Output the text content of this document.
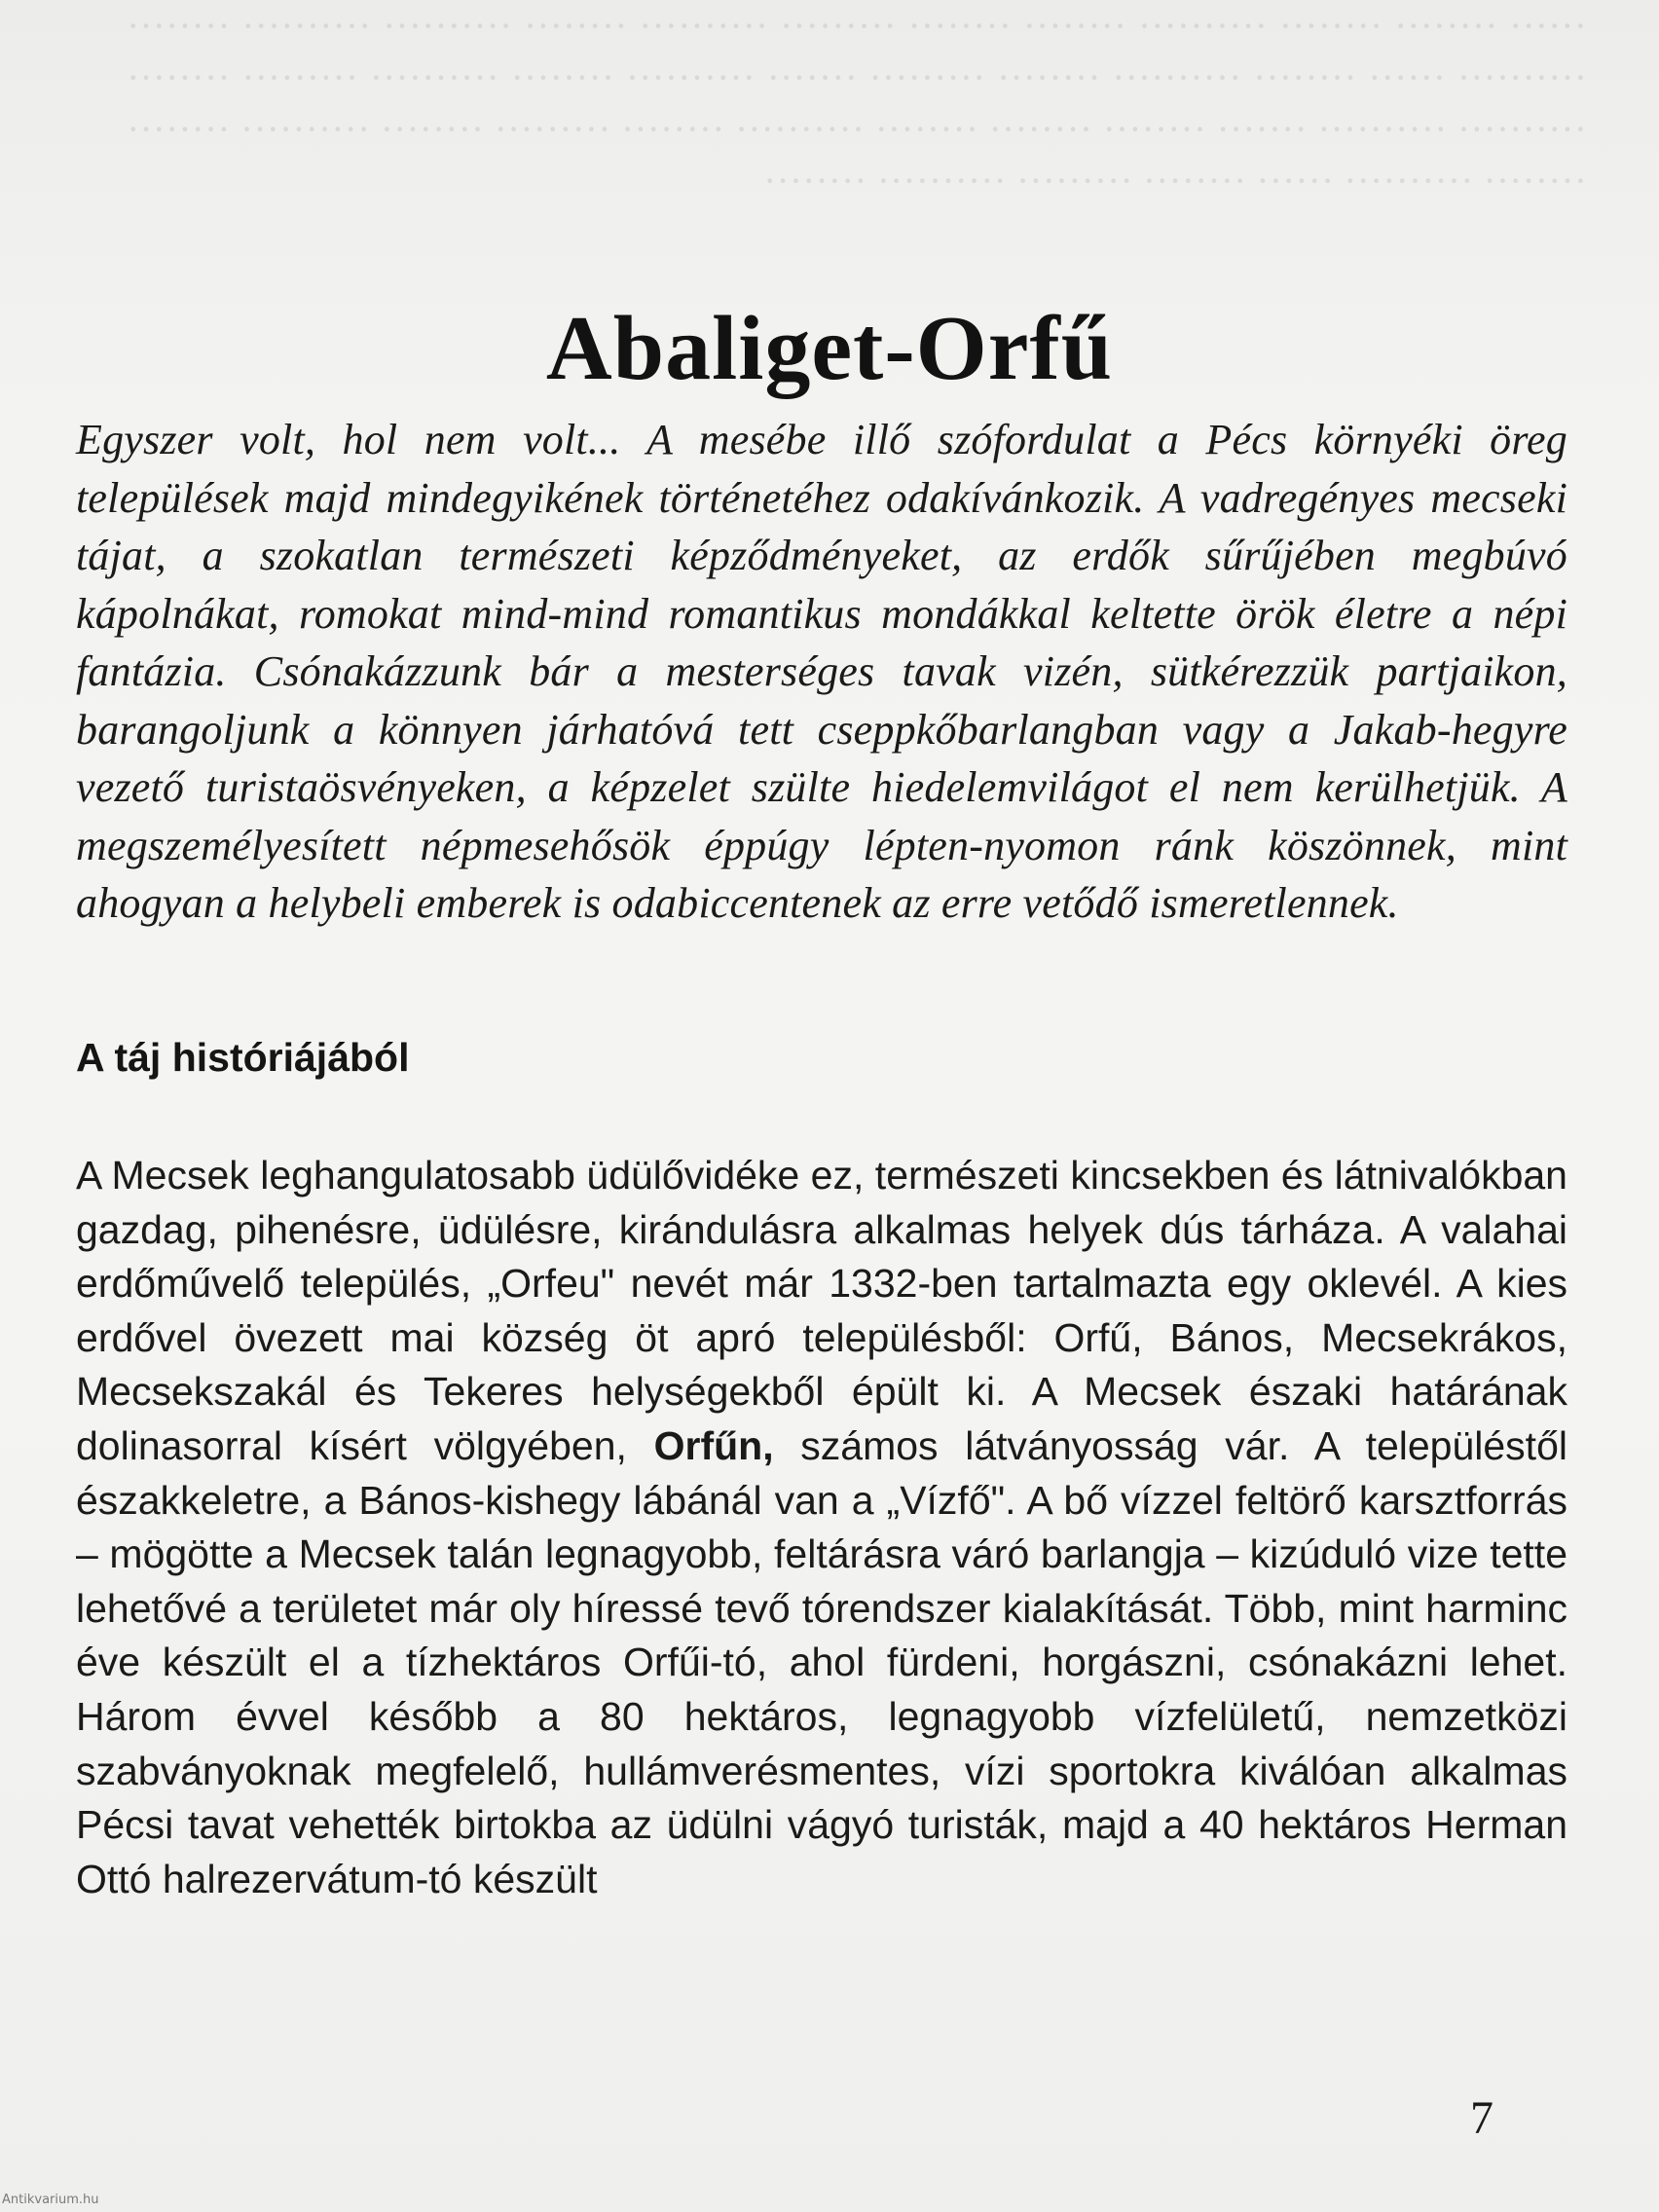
······ ········ ········ ·········· ········ ········ ········· ·········· ········ ·········· ·········· ········ ·········· ······ ········ ·········· ········ ········· ······· ·········· ········ ·········· ········· ········ ·········· ·········· ······· ········ ········ ········ ·········· ········ ········· ········ ·········· ········ ········ ·········· ······ ········ ········· ·········· ········
Abaliget-Orfű

Egyszer volt, hol nem volt... A mesébe illő szófordulat a Pécs környéki öreg települések majd mindegyikének történetéhez odakívánkozik. A vadregényes mecseki tájat, a szokatlan természeti képződményeket, az erdők sűrűjében megbúvó kápolnákat, romokat mind-mind romantikus mondákkal keltette örök életre a népi fantázia. Csónakázzunk bár a mesterséges tavak vizén, sütkérezzük partjaikon, barangoljunk a könnyen járhatóvá tett cseppkőbarlangban vagy a Jakab-hegyre vezető turistaösvényeken, a képzelet szülte hiedelemvilágot el nem kerülhetjük. A megszemélyesített népmesehősök éppúgy lépten-nyomon ránk köszönnek, mint ahogyan a helybeli emberek is odabiccentenek az erre vetődő ismeretlennek.

A táj históriájából

A Mecsek leghangulatosabb üdülővidéke ez, természeti kincsekben és látnivalókban gazdag, pihenésre, üdülésre, kirándulásra alkalmas helyek dús tárháza. A valahai erdőművelő település, „Orfeu" nevét már 1332-ben tartalmazta egy oklevél. A kies erdővel övezett mai község öt apró településből: Orfű, Bános, Mecsekrákos, Mecsekszakál és Tekeres helységekből épült ki. A Mecsek északi határának dolinasorral kísért völgyében, Orfűn, számos látványosság vár. A településtől északkeletre, a Bános-kishegy lábánál van a „Vízfő". A bő vízzel feltörő karsztforrás – mögötte a Mecsek talán legnagyobb, feltárásra váró barlangja – kizúduló vize tette lehetővé a területet már oly híressé tevő tórendszer kialakítását. Több, mint harminc éve készült el a tízhektáros Orfűi-tó, ahol fürdeni, horgászni, csónakázni lehet. Három évvel később a 80 hektáros, legnagyobb vízfelületű, nemzetközi szabványoknak megfelelő, hullámverésmentes, vízi sportokra kiválóan alkalmas Pécsi tavat vehették birtokba az üdülni vágyó turisták, majd a 40 hektáros Herman Ottó halrezervátum-tó készült

7
Antikvarium.hu
